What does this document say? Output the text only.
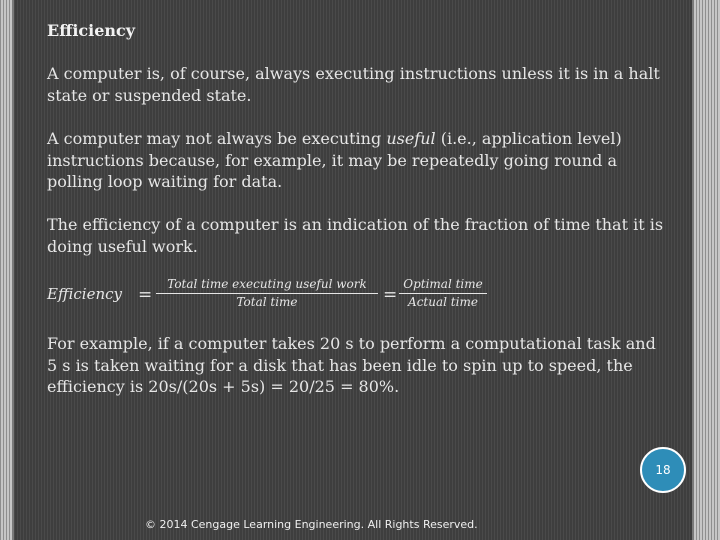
Efficiency
A computer is, of course, always executing instructions unless it is in a halt state or suspended state.
A computer may not always be executing useful (i.e., application level) instructions because, for example, it may be repeatedly going round a polling loop waiting for data.
The efficiency of a computer is an indication of the fraction of time that it is doing useful work.
Efficiency =
Total time executing useful work
Total time	=
Optimal time
Actual time
For example, if a computer takes 20 s to perform a computational task and 5 s is taken waiting for a disk that has been idle to spin up to speed, the efficiency is 20s/(20s + 5s) = 20/25 = 80%.
18
© 2014 Cengage Learning Engineering. All Rights Reserved.
